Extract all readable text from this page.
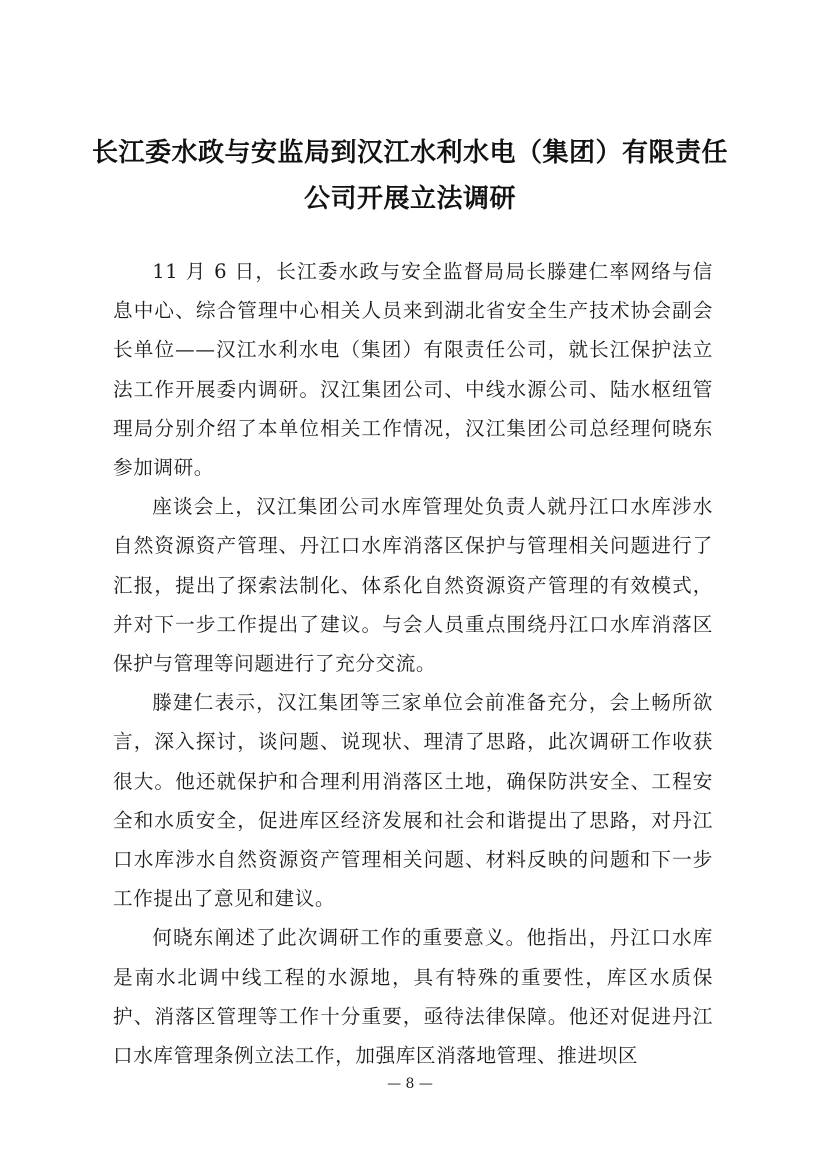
长江委水政与安监局到汉江水利水电（集团）有限责任
公司开展立法调研

11 月 6 日，长江委水政与安全监督局局长滕建仁率网络与信息中心、综合管理中心相关人员来到湖北省安全生产技术协会副会长单位——汉江水利水电（集团）有限责任公司，就长江保护法立法工作开展委内调研。汉江集团公司、中线水源公司、陆水枢纽管理局分别介绍了本单位相关工作情况，汉江集团公司总经理何晓东参加调研。

座谈会上，汉江集团公司水库管理处负责人就丹江口水库涉水自然资源资产管理、丹江口水库消落区保护与管理相关问题进行了汇报，提出了探索法制化、体系化自然资源资产管理的有效模式，并对下一步工作提出了建议。与会人员重点围绕丹江口水库消落区保护与管理等问题进行了充分交流。

滕建仁表示，汉江集团等三家单位会前准备充分，会上畅所欲言，深入探讨，谈问题、说现状、理清了思路，此次调研工作收获很大。他还就保护和合理利用消落区土地，确保防洪安全、工程安全和水质安全，促进库区经济发展和社会和谐提出了思路，对丹江口水库涉水自然资源资产管理相关问题、材料反映的问题和下一步工作提出了意见和建议。

何晓东阐述了此次调研工作的重要意义。他指出，丹江口水库是南水北调中线工程的水源地，具有特殊的重要性，库区水质保护、消落区管理等工作十分重要，亟待法律保障。他还对促进丹江口水库管理条例立法工作，加强库区消落地管理、推进坝区

— 8 —
